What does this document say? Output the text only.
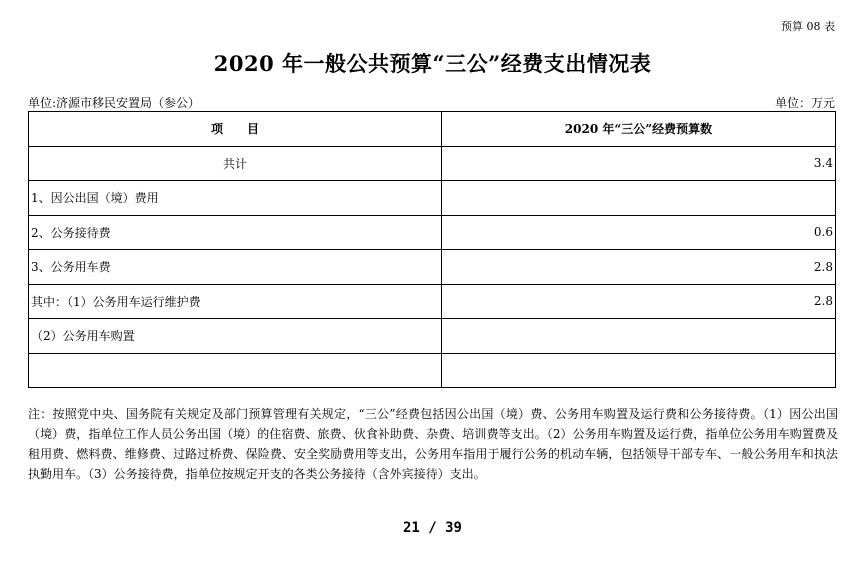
预算 08 表
2020 年一般公共预算“三公”经费支出情况表
单位:济源市移民安置局（参公）	单位：万元
项　　目	2020 年“三公”经费预算数
共计	3.4
1、因公出国（境）费用	
2、公务接待费	0.6
3、公务用车费	2.8
其中：（1）公务用车运行维护费	2.8
（2）公务用车购置	

注：按照党中央、国务院有关规定及部门预算管理有关规定，“三公”经费包括因公出国（境）费、公务用车购置及运行费和公务接待费。（1）因公出国（境）费，指单位工作人员公务出国（境）的住宿费、旅费、伙食补助费、杂费、培训费等支出。（2）公务用车购置及运行费，指单位公务用车购置费及租用费、燃料费、维修费、过路过桥费、保险费、安全奖励费用等支出，公务用车指用于履行公务的机动车辆，包括领导干部专车、一般公务用车和执法执勤用车。（3）公务接待费，指单位按规定开支的各类公务接待（含外宾接待）支出。
21 / 39
